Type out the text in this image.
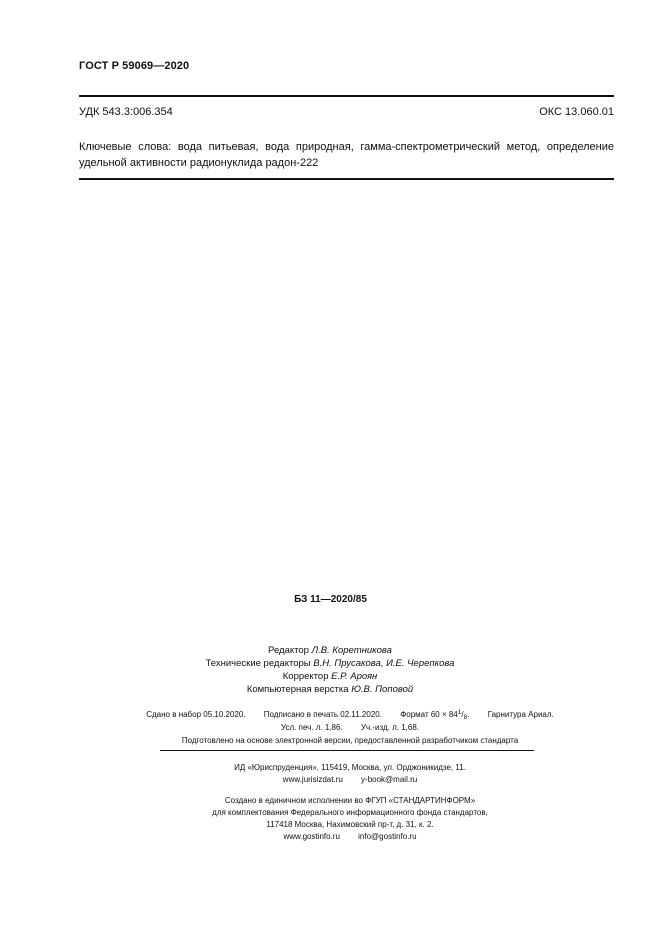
ГОСТ Р 59069—2020
УДК 543.3:006.354	ОКС 13.060.01
Ключевые слова: вода питьевая, вода природная, гамма-спектрометрический метод, определение удельной активности радионуклида радон-222
БЗ 11—2020/85
Редактор Л.В. Коретникова
Технические редакторы В.Н. Прусакова, И.Е. Черепкова
Корректор Е.Р. Ароян
Компьютерная верстка Ю.В. Поповой
Сдано в набор 05.10.2020. Подписано в печать 02.11.2020. Формат $60 \times 84^1/_8$. Гарнитура Ариал.
Усл. печ. л. 1,86. Уч.-изд. л. 1,68.
Подготовлено на основе электронной версии, предоставленной разработчиком стандарта
ИД «Юриспруденция», 115419, Москва, ул. Орджоникидзе, 11.
www.jurisizdat.ru y-book@mail.ru
Создано в единичном исполнении во ФГУП «СТАНДАРТИНФОРМ»
для комплектования Федерального информационного фонда стандартов,
117418 Москва, Нахимовский пр-т, д. 31, к. 2.
www.gostinfo.ru info@gostinfo.ru
